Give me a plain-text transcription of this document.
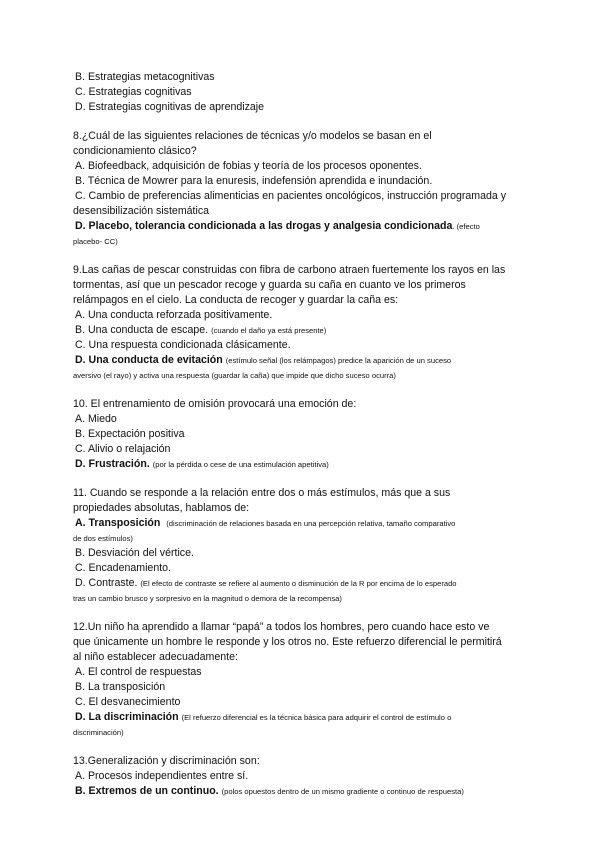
B. Estrategias metacognitivas

C. Estrategias cognitivas

D. Estrategias cognitivas de aprendizaje

8.¿Cuál de las siguientes relaciones de técnicas y/o modelos se basan en el

condicionamiento clásico?

A. Biofeedback, adquisición de fobias y teoría de los procesos oponentes.

B. Técnica de Mowrer para la enuresis, indefensión aprendida e inundación.

C. Cambio de preferencias alimenticias en pacientes oncológicos, instrucción programada y

desensibilización sistemática

D. Placebo, tolerancia condicionada a las drogas y analgesia condicionada. (efecto

placebo- CC)

9.Las cañas de pescar construidas con fibra de carbono atraen fuertemente los rayos en las

tormentas, así que un pescador recoge y guarda su caña en cuanto ve los primeros

relámpagos en el cielo. La conducta de recoger y guardar la caña es:

A. Una conducta reforzada positivamente.

B. Una conducta de escape. (cuando el daño ya está presente)

C. Una respuesta condicionada clásicamente.

D. Una conducta de evitación (estímulo señal (los relámpagos) predice la aparición de un suceso

aversivo (el rayo) y activa una respuesta (guardar la caña) que impide que dicho suceso ocurra)

10. El entrenamiento de omisión provocará una emoción de:

A. Miedo

B. Expectación positiva

C. Alivio o relajación

D. Frustración. (por la pérdida o cese de una estimulación apetitiva)

11. Cuando se responde a la relación entre dos o más estímulos, más que a sus

propiedades absolutas, hablamos de:

A. Transposición (discriminación de relaciones basada en una percepción relativa, tamaño comparativo

de dos estímulos)

B. Desviación del vértice.

C. Encadenamiento.

D. Contraste. (El efecto de contraste se refiere al aumento o disminución de la R por encima de lo esperado

tras un cambio brusco y sorpresivo en la magnitud o demora de la recompensa)

12.Un niño ha aprendido a llamar “papá” a todos los hombres, pero cuando hace esto ve

que únicamente un hombre le responde y los otros no. Este refuerzo diferencial le permitirá

al niño establecer adecuadamente:

A. El control de respuestas

B. La transposición

C. El desvanecimiento

D. La discriminación (El refuerzo diferencial es la técnica básica para adquirir el control de estímulo o

discriminación)

13.Generalización y discriminación son:

A. Procesos independientes entre sí.

B. Extremos de un continuo. (polos opuestos dentro de un mismo gradiente o continuo de respuesta)
